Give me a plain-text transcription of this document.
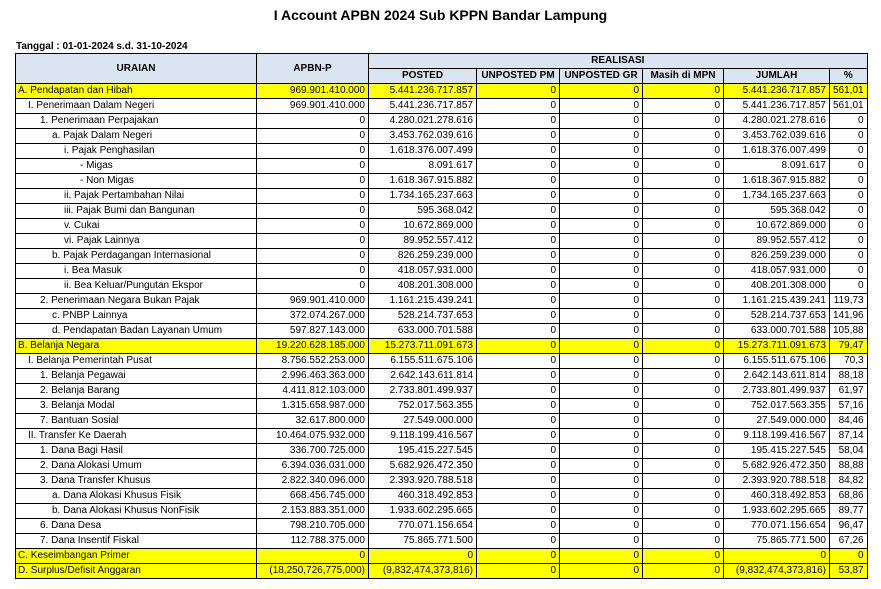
I Account APBN 2024 Sub KPPN Bandar Lampung
Tanggal : 01-01-2024 s.d. 31-10-2024
URAIAN	APBN-P	REALISASI					
		POSTED	UNPOSTED PM	UNPOSTED GR	Masih di MPN	JUMLAH	%
A. Pendapatan dan Hibah	969.901.410.000	5.441.236.717.857	0	0	0	5.441.236.717.857	561,01
I. Penerimaan Dalam Negeri	969.901.410.000	5.441.236.717.857	0	0	0	5.441.236.717.857	561,01
1. Penerimaan Perpajakan	0	4.280.021.278.616	0	0	0	4.280.021.278.616	0
a. Pajak Dalam Negeri	0	3.453.762.039.616	0	0	0	3.453.762.039.616	0
i. Pajak Penghasilan	0	1.618.376.007.499	0	0	0	1.618.376.007.499	0
- Migas	0	8.091.617	0	0	0	8.091.617	0
- Non Migas	0	1.618.367.915.882	0	0	0	1.618.367.915.882	0
ii. Pajak Pertambahan Nilai	0	1.734.165.237.663	0	0	0	1.734.165.237.663	0
iii. Pajak Bumi dan Bangunan	0	595.368.042	0	0	0	595.368.042	0
v. Cukai	0	10.672.869.000	0	0	0	10.672.869.000	0
vi. Pajak Lainnya	0	89.952.557.412	0	0	0	89.952.557.412	0
b. Pajak Perdagangan Internasional	0	826.259.239.000	0	0	0	826.259.239.000	0
i. Bea Masuk	0	418.057.931.000	0	0	0	418.057.931.000	0
ii. Bea Keluar/Pungutan Ekspor	0	408.201.308.000	0	0	0	408.201.308.000	0
2. Penerimaan Negara Bukan Pajak	969.901.410.000	1.161.215.439.241	0	0	0	1.161.215.439.241	119,73
c. PNBP Lainnya	372.074.267.000	528.214.737.653	0	0	0	528.214.737.653	141,96
d. Pendapatan Badan Layanan Umum	597.827.143.000	633.000.701.588	0	0	0	633.000.701.588	105,88
B. Belanja Negara	19.220.628.185.000	15.273.711.091.673	0	0	0	15.273.711.091.673	79,47
I. Belanja Pemerintah Pusat	8.756.552.253.000	6.155.511.675.106	0	0	0	6.155.511.675.106	70,3
1. Belanja Pegawai	2.996.463.363.000	2.642.143.611.814	0	0	0	2.642.143.611.814	88,18
2. Belanja Barang	4.411.812.103.000	2.733.801.499.937	0	0	0	2.733.801.499.937	61,97
3. Belanja Modal	1.315.658.987.000	752.017.563.355	0	0	0	752.017.563.355	57,16
7. Bantuan Sosial	32.617.800.000	27.549.000.000	0	0	0	27.549.000.000	84,46
II. Transfer Ke Daerah	10.464.075.932.000	9.118.199.416.567	0	0	0	9.118.199.416.567	87,14
1. Dana Bagi Hasil	336.700.725.000	195.415.227.545	0	0	0	195.415.227.545	58,04
2. Dana Alokasi Umum	6.394.036.031.000	5.682.926.472.350	0	0	0	5.682.926.472.350	88,88
3. Dana Transfer Khusus	2.822.340.096.000	2.393.920.788.518	0	0	0	2.393.920.788.518	84,82
a. Dana Alokasi Khusus Fisik	668.456.745.000	460.318.492.853	0	0	0	460.318.492.853	68,86
b. Dana Alokasi Khusus NonFisik	2.153.883.351.000	1.933.602.295.665	0	0	0	1.933.602.295.665	89,77
6. Dana Desa	798.210.705.000	770.071.156.654	0	0	0	770.071.156.654	96,47
7. Dana Insentif Fiskal	112.788.375.000	75.865.771.500	0	0	0	75.865.771.500	67,26
C. Keseimbangan Primer	0	0	0	0	0	0	0
D. Surplus/Defisit Anggaran	(18,250,726,775,000)	(9,832,474,373,816)	0	0	0	(9,832,474,373,816)	53,87
